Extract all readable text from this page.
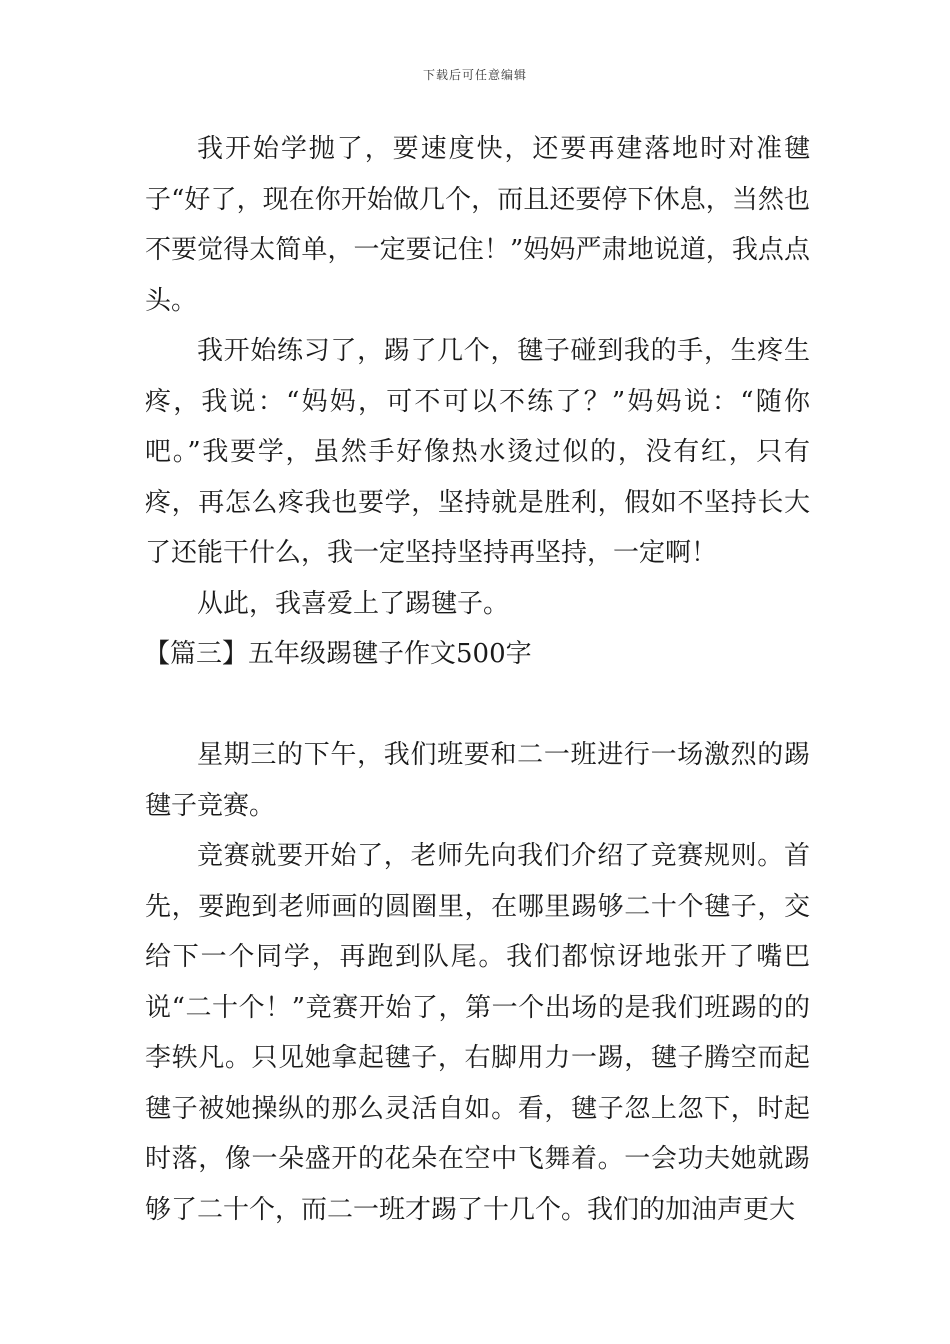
下载后可任意编辑

我开始学抛了，要速度快，还要再建落地时对准毽子“好了，现在你开始做几个，而且还要停下休息，当然也不要觉得太简单，一定要记住！”妈妈严肃地说道，我点点头。

我开始练习了，踢了几个，毽子碰到我的手，生疼生疼，我说：“妈妈，可不可以不练了？”妈妈说：“随你吧。”我要学，虽然手好像热水烫过似的，没有红，只有疼，再怎么疼我也要学，坚持就是胜利，假如不坚持长大了还能干什么，我一定坚持坚持再坚持，一定啊！

从此，我喜爱上了踢毽子。

【篇三】五年级踢毽子作文500字

星期三的下午，我们班要和二一班进行一场激烈的踢毽子竞赛。

竞赛就要开始了，老师先向我们介绍了竞赛规则。首先，要跑到老师画的圆圈里，在哪里踢够二十个毽子，交给下一个同学，再跑到队尾。我们都惊讶地张开了嘴巴说“二十个！”竞赛开始了，第一个出场的是我们班踢的的李轶凡。只见她拿起毽子，右脚用力一踢，毽子腾空而起毽子被她操纵的那么灵活自如。看，毽子忽上忽下，时起时落，像一朵盛开的花朵在空中飞舞着。一会功夫她就踢够了二十个，而二一班才踢了十几个。我们的加油声更大
